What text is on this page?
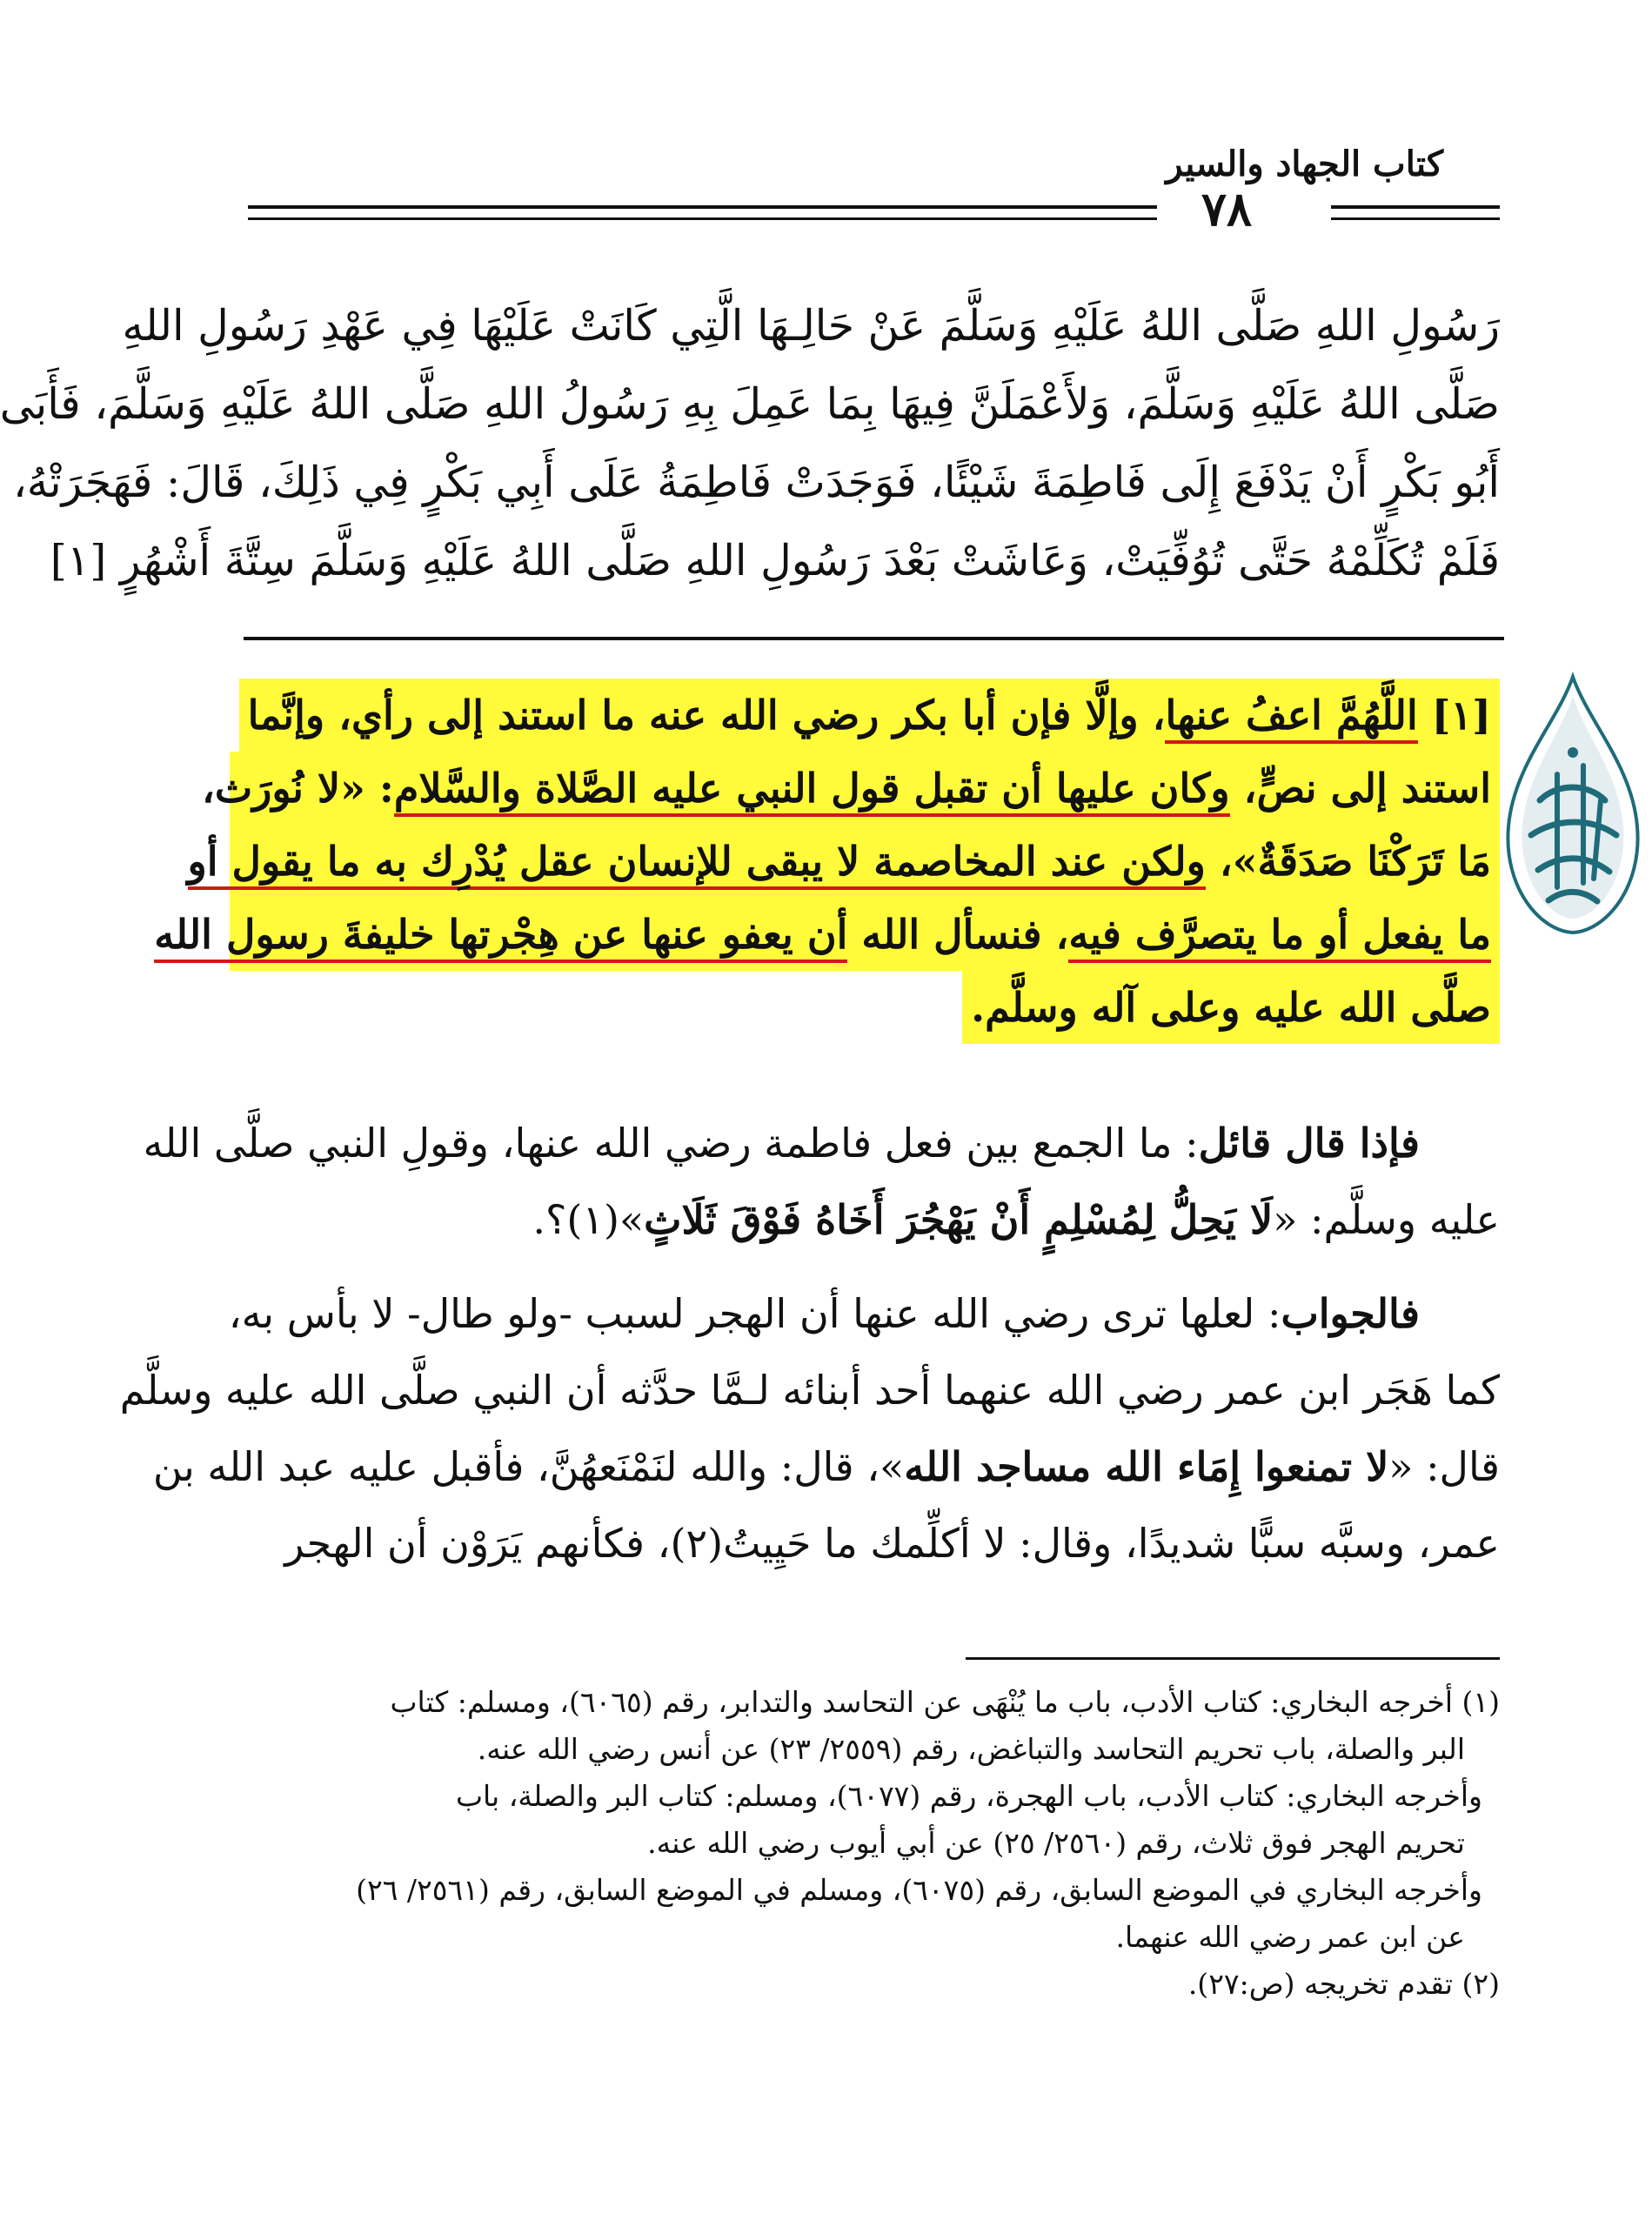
كتاب الجهاد والسير
٧٨
رَسُولِ اللهِ صَلَّى اللهُ عَلَيْهِ وَسَلَّمَ عَنْ حَالِـهَا الَّتِي كَانَتْ عَلَيْهَا فِي عَهْدِ رَسُولِ اللهِ
صَلَّى اللهُ عَلَيْهِ وَسَلَّمَ، وَلأَعْمَلَنَّ فِيهَا بِمَا عَمِلَ بِهِ رَسُولُ اللهِ صَلَّى اللهُ عَلَيْهِ وَسَلَّمَ، فَأَبَى
أَبُو بَكْرٍ أَنْ يَدْفَعَ إِلَى فَاطِمَةَ شَيْئًا، فَوَجَدَتْ فَاطِمَةُ عَلَى أَبِي بَكْرٍ فِي ذَلِكَ، قَالَ: فَهَجَرَتْهُ،
فَلَمْ تُكَلِّمْهُ حَتَّى تُوُفِّيَتْ، وَعَاشَتْ بَعْدَ رَسُولِ اللهِ صَلَّى اللهُ عَلَيْهِ وَسَلَّمَ سِتَّةَ أَشْهُرٍ [١]
[١] اللَّهُمَّ اعفُ عنها، وإلَّا فإن أبا بكر رضي الله عنه ما استند إلى رأي، وإنَّما
استند إلى نصٍّ، وكان عليها أن تقبل قول النبي عليه الصَّلاة والسَّلام: «لا نُورَث،
مَا تَرَكْنَا صَدَقَةٌ»، ولكن عند المخاصمة لا يبقى للإنسان عقل يُدْرِك به ما يقول أو
ما يفعل أو ما يتصرَّف فيه، فنسأل الله أن يعفو عنها عن هِجْرتها خليفةَ رسول الله
صلَّى الله عليه وعلى آله وسلَّم.
  فإذا قال قائل: ما الجمع بين فعل فاطمة رضي الله عنها، وقولِ النبي صلَّى الله
عليه وسلَّم: «لَا يَحِلُّ لِمُسْلِمٍ أَنْ يَهْجُرَ أَخَاهُ فَوْقَ ثَلَاثٍ»(١)؟.
  فالجواب: لعلها ترى رضي الله عنها أن الهجر لسبب -ولو طال- لا بأس به،
كما هَجَر ابن عمر رضي الله عنهما أحد أبنائه لـمَّا حدَّثه أن النبي صلَّى الله عليه وسلَّم
قال: «لا تمنعوا إِمَاء الله مساجد الله»، قال: والله لنَمْنَعهُنَّ، فأقبل عليه عبد الله بن
عمر، وسبَّه سبًّا شديدًا، وقال: لا أكلِّمك ما حَيِيتُ(٢)، فكأنهم يَرَوْن أن الهجر
(١) أخرجه البخاري: كتاب الأدب، باب ما يُنْهَى عن التحاسد والتدابر، رقم (٦٠٦٥)، ومسلم: كتاب
البر والصلة، باب تحريم التحاسد والتباغض، رقم (٢٥٥٩/ ٢٣) عن أنس رضي الله عنه.
وأخرجه البخاري: كتاب الأدب، باب الهجرة، رقم (٦٠٧٧)، ومسلم: كتاب البر والصلة، باب
تحريم الهجر فوق ثلاث، رقم (٢٥٦٠/ ٢٥) عن أبي أيوب رضي الله عنه.
وأخرجه البخاري في الموضع السابق، رقم (٦٠٧٥)، ومسلم في الموضع السابق، رقم (٢٥٦١/ ٢٦)
عن ابن عمر رضي الله عنهما.
(٢) تقدم تخريجه (ص:٢٧).
